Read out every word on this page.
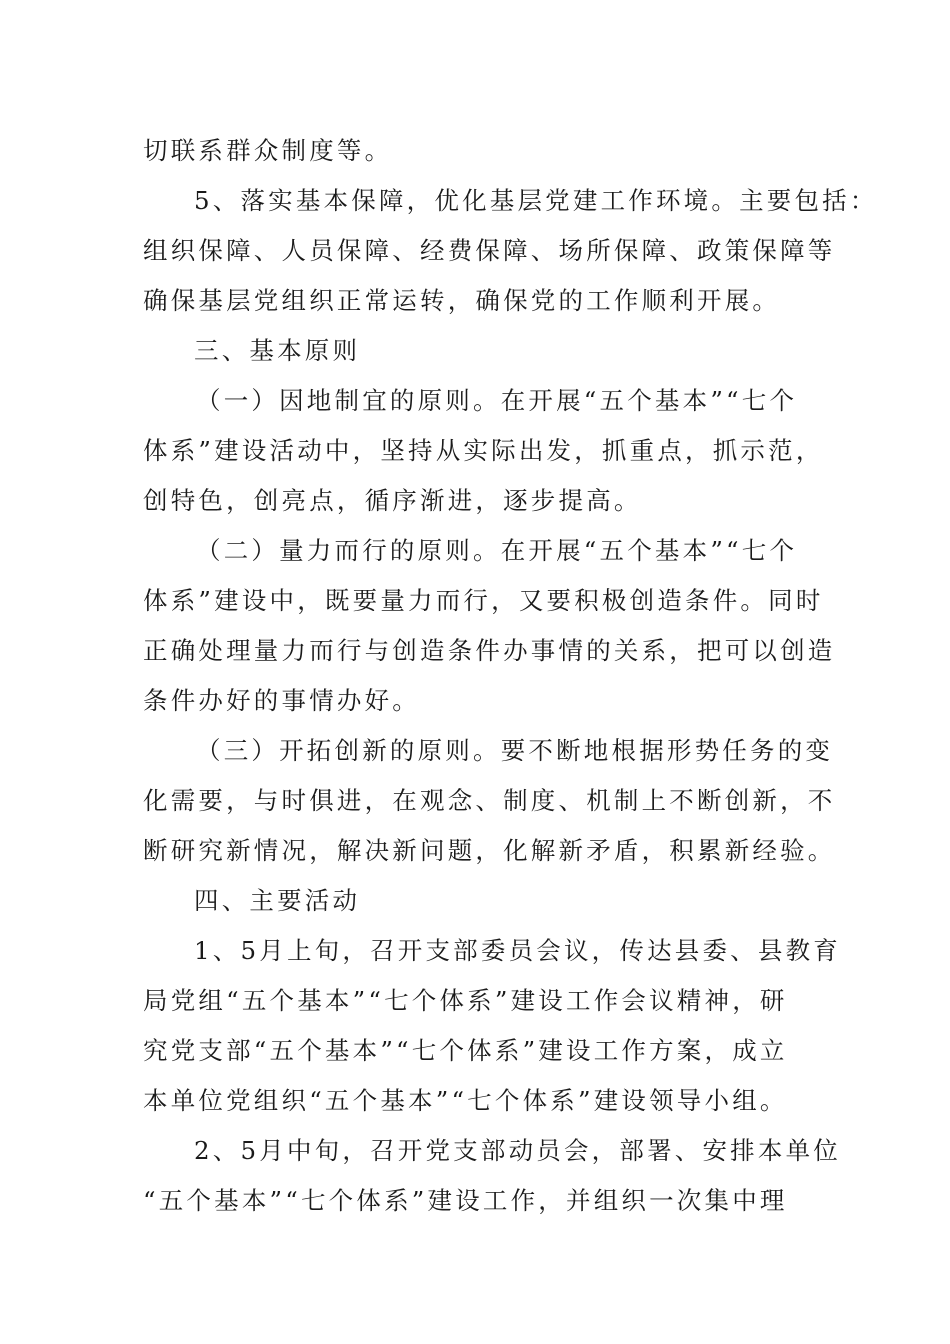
切联系群众制度等。
5、落实基本保障，优化基层党建工作环境。主要包括：
组织保障、人员保障、经费保障、场所保障、政策保障等
确保基层党组织正常运转，确保党的工作顺利开展。
三、基本原则
（一）因地制宜的原则。在开展“五个基本”“七个
体系”建设活动中，坚持从实际出发，抓重点，抓示范，
创特色，创亮点，循序渐进，逐步提高。
（二）量力而行的原则。在开展“五个基本”“七个
体系”建设中，既要量力而行，又要积极创造条件。同时
正确处理量力而行与创造条件办事情的关系，把可以创造
条件办好的事情办好。
（三）开拓创新的原则。要不断地根据形势任务的变
化需要，与时俱进，在观念、制度、机制上不断创新，不
断研究新情况，解决新问题，化解新矛盾，积累新经验。
四、主要活动
1、5月上旬，召开支部委员会议，传达县委、县教育
局党组“五个基本”“七个体系”建设工作会议精神，研
究党支部“五个基本”“七个体系”建设工作方案，成立
本单位党组织“五个基本”“七个体系”建设领导小组。
2、5月中旬，召开党支部动员会，部署、安排本单位
“五个基本”“七个体系”建设工作，并组织一次集中理
